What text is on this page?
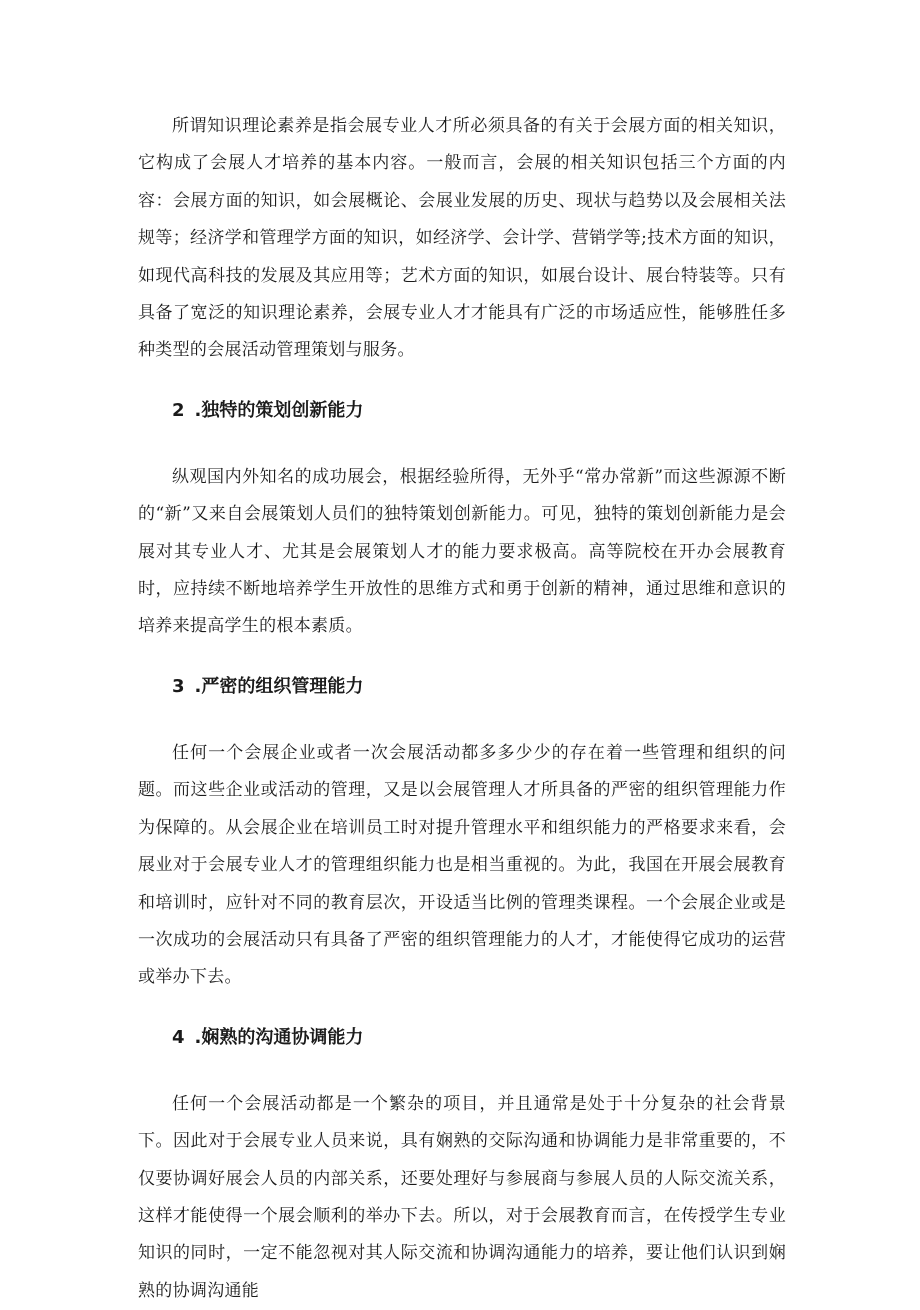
所谓知识理论素养是指会展专业人才所必须具备的有关于会展方面的相关知识，它构成了会展人才培养的基本内容。一般而言，会展的相关知识包括三个方面的内容：会展方面的知识，如会展概论、会展业发展的历史、现状与趋势以及会展相关法规等；经济学和管理学方面的知识，如经济学、会计学、营销学等;技术方面的知识，如现代高科技的发展及其应用等；艺术方面的知识，如展台设计、展台特装等。只有具备了宽泛的知识理论素养，会展专业人才才能具有广泛的市场适应性，能够胜任多种类型的会展活动管理策划与服务。

2 .独特的策划创新能力

纵观国内外知名的成功展会，根据经验所得，无外乎“常办常新”而这些源源不断的“新”又来自会展策划人员们的独特策划创新能力。可见，独特的策划创新能力是会展对其专业人才、尤其是会展策划人才的能力要求极高。高等院校在开办会展教育时，应持续不断地培养学生开放性的思维方式和勇于创新的精神，通过思维和意识的培养来提高学生的根本素质。

3 .严密的组织管理能力

任何一个会展企业或者一次会展活动都多多少少的存在着一些管理和组织的问题。而这些企业或活动的管理，又是以会展管理人才所具备的严密的组织管理能力作为保障的。从会展企业在培训员工时对提升管理水平和组织能力的严格要求来看，会展业对于会展专业人才的管理组织能力也是相当重视的。为此，我国在开展会展教育和培训时，应针对不同的教育层次，开设适当比例的管理类课程。一个会展企业或是一次成功的会展活动只有具备了严密的组织管理能力的人才，才能使得它成功的运营或举办下去。

4 .娴熟的沟通协调能力

任何一个会展活动都是一个繁杂的项目，并且通常是处于十分复杂的社会背景下。因此对于会展专业人员来说，具有娴熟的交际沟通和协调能力是非常重要的，不仅要协调好展会人员的内部关系，还要处理好与参展商与参展人员的人际交流关系，这样才能使得一个展会顺利的举办下去。所以，对于会展教育而言，在传授学生专业知识的同时，一定不能忽视对其人际交流和协调沟通能力的培养，要让他们认识到娴熟的协调沟通能
